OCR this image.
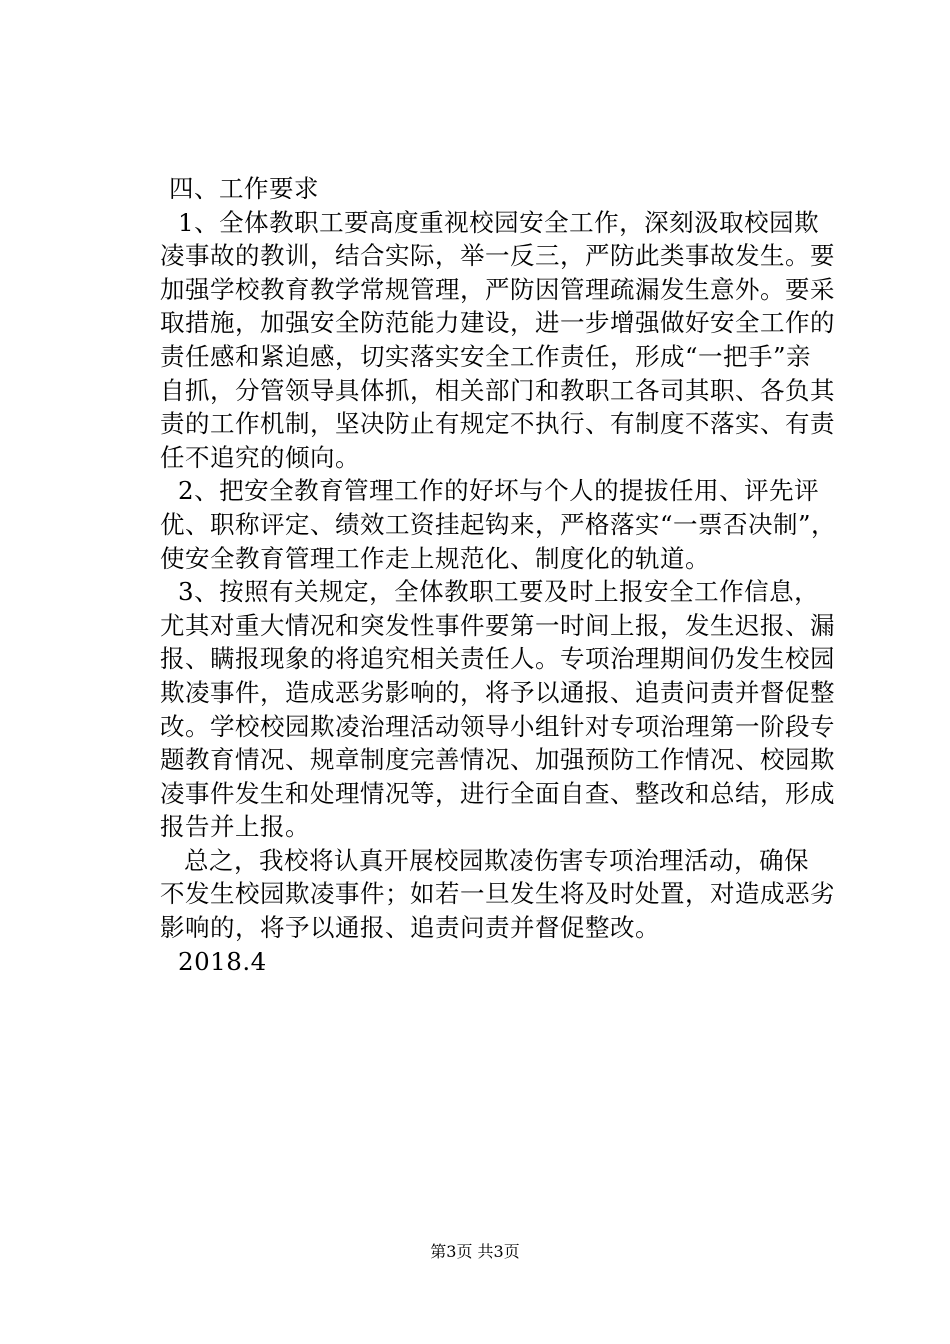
四、工作要求
1、全体教职工要高度重视校园安全工作，深刻汲取校园欺
凌事故的教训，结合实际，举一反三，严防此类事故发生。要
加强学校教育教学常规管理，严防因管理疏漏发生意外。要采
取措施，加强安全防范能力建设，进一步增强做好安全工作的
责任感和紧迫感，切实落实安全工作责任，形成“一把手”亲
自抓，分管领导具体抓，相关部门和教职工各司其职、各负其
责的工作机制，坚决防止有规定不执行、有制度不落实、有责
任不追究的倾向。
2、把安全教育管理工作的好坏与个人的提拔任用、评先评
优、职称评定、绩效工资挂起钩来，严格落实“一票否决制”，
使安全教育管理工作走上规范化、制度化的轨道。
3、按照有关规定，全体教职工要及时上报安全工作信息，
尤其对重大情况和突发性事件要第一时间上报，发生迟报、漏
报、瞒报现象的将追究相关责任人。专项治理期间仍发生校园
欺凌事件，造成恶劣影响的，将予以通报、追责问责并督促整
改。学校校园欺凌治理活动领导小组针对专项治理第一阶段专
题教育情况、规章制度完善情况、加强预防工作情况、校园欺
凌事件发生和处理情况等，进行全面自查、整改和总结，形成
报告并上报。
总之，我校将认真开展校园欺凌伤害专项治理活动，确保
不发生校园欺凌事件；如若一旦发生将及时处置，对造成恶劣
影响的，将予以通报、追责问责并督促整改。
2018.4
第3页 共3页
